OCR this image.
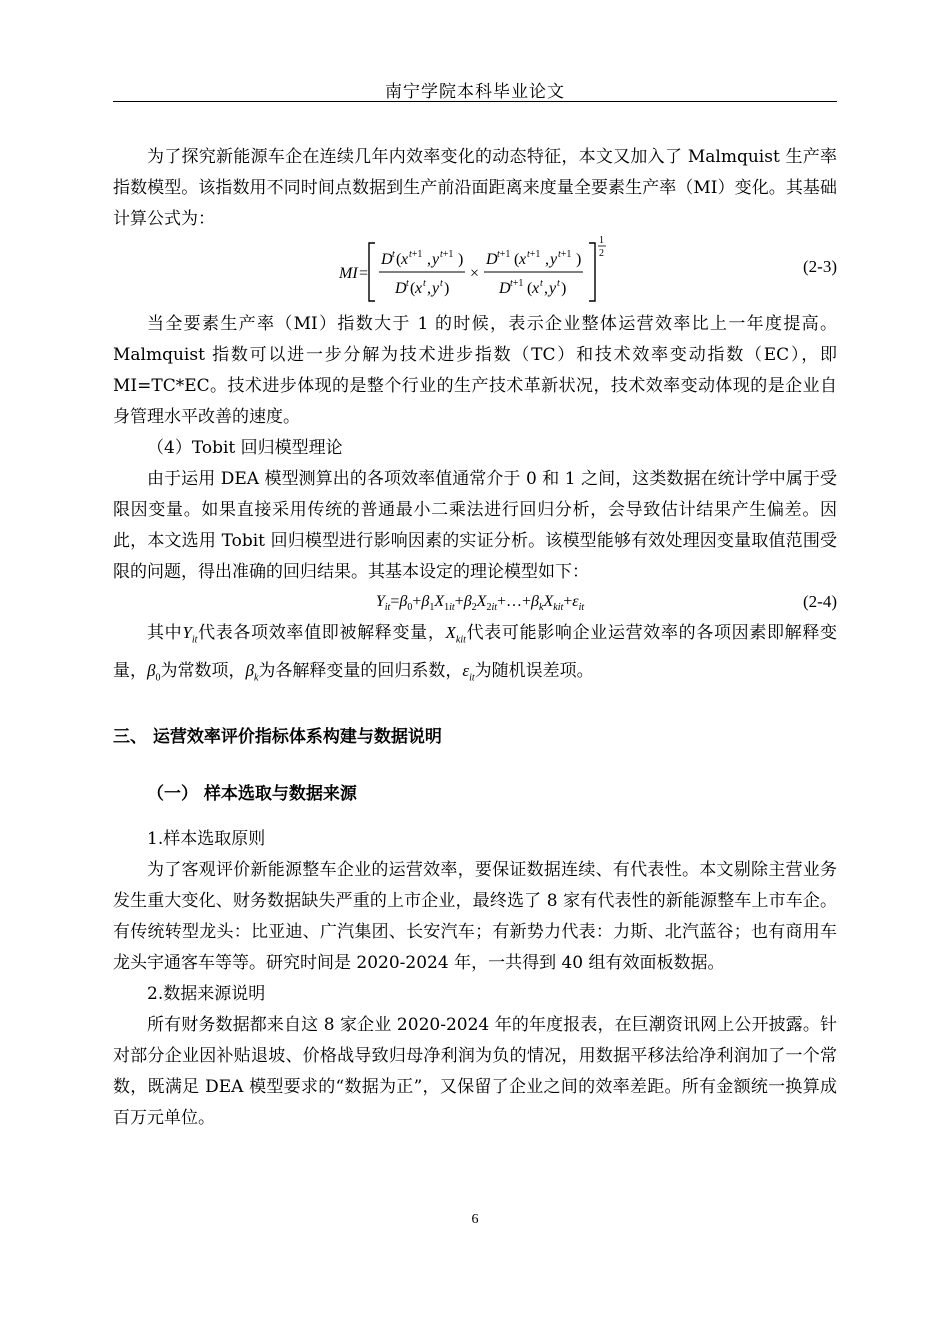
南宁学院本科毕业论文

为了探究新能源车企在连续几年内效率变化的动态特征，本文又加入了 Malmquist 生产率指数模型。该指数用不同时间点数据到生产前沿面距离来度量全要素生产率（MI）变化。其基础计算公式为：

MI =
D t ( x t+1 , y t+1 )
D t ( x t , y t )
×
D t+1 ( x t+1 , y t+1 )
D t+1 ( x t , y t )
1
2
(2-3)

当全要素生产率（MI）指数大于 1 的时候，表示企业整体运营效率比上一年度提高。Malmquist 指数可以进一步分解为技术进步指数（TC）和技术效率变动指数（EC），即 MI=TC*EC。技术进步体现的是整个行业的生产技术革新状况，技术效率变动体现的是企业自身管理水平改善的速度。

（4）Tobit 回归模型理论

由于运用 DEA 模型测算出的各项效率值通常介于 0 和 1 之间，这类数据在统计学中属于受限因变量。如果直接采用传统的普通最小二乘法进行回归分析，会导致估计结果产生偏差。因此，本文选用 Tobit 回归模型进行影响因素的实证分析。该模型能够有效处理因变量取值范围受限的问题，得出准确的回归结果。其基本设定的理论模型如下：

$Y_{it}=\beta_0+\beta_1X_{1it}+\beta_2X_{2it}+\dots+\beta_kX_{kit}+\varepsilon_{it}$	(2-4)

其中$Y_{it}$代表各项效率值即被解释变量，$X_{kit}$代表可能影响企业运营效率的各项因素即解释变量，$\beta_0$为常数项，$\beta_k$为各解释变量的回归系数，$\varepsilon_{it}$为随机误差项。

三、 运营效率评价指标体系构建与数据说明

（一） 样本选取与数据来源

1.样本选取原则

为了客观评价新能源整车企业的运营效率，要保证数据连续、有代表性。本文剔除主营业务发生重大变化、财务数据缺失严重的上市企业，最终选了 8 家有代表性的新能源整车上市车企。有传统转型龙头：比亚迪、广汽集团、长安汽车；有新势力代表：力斯、北汽蓝谷；也有商用车龙头宇通客车等等。研究时间是 2020-2024 年，一共得到 40 组有效面板数据。

2.数据来源说明

所有财务数据都来自这 8 家企业 2020-2024 年的年度报表，在巨潮资讯网上公开披露。针对部分企业因补贴退坡、价格战导致归母净利润为负的情况，用数据平移法给净利润加了一个常数，既满足 DEA 模型要求的“数据为正”，又保留了企业之间的效率差距。所有金额统一换算成百万元单位。

6
